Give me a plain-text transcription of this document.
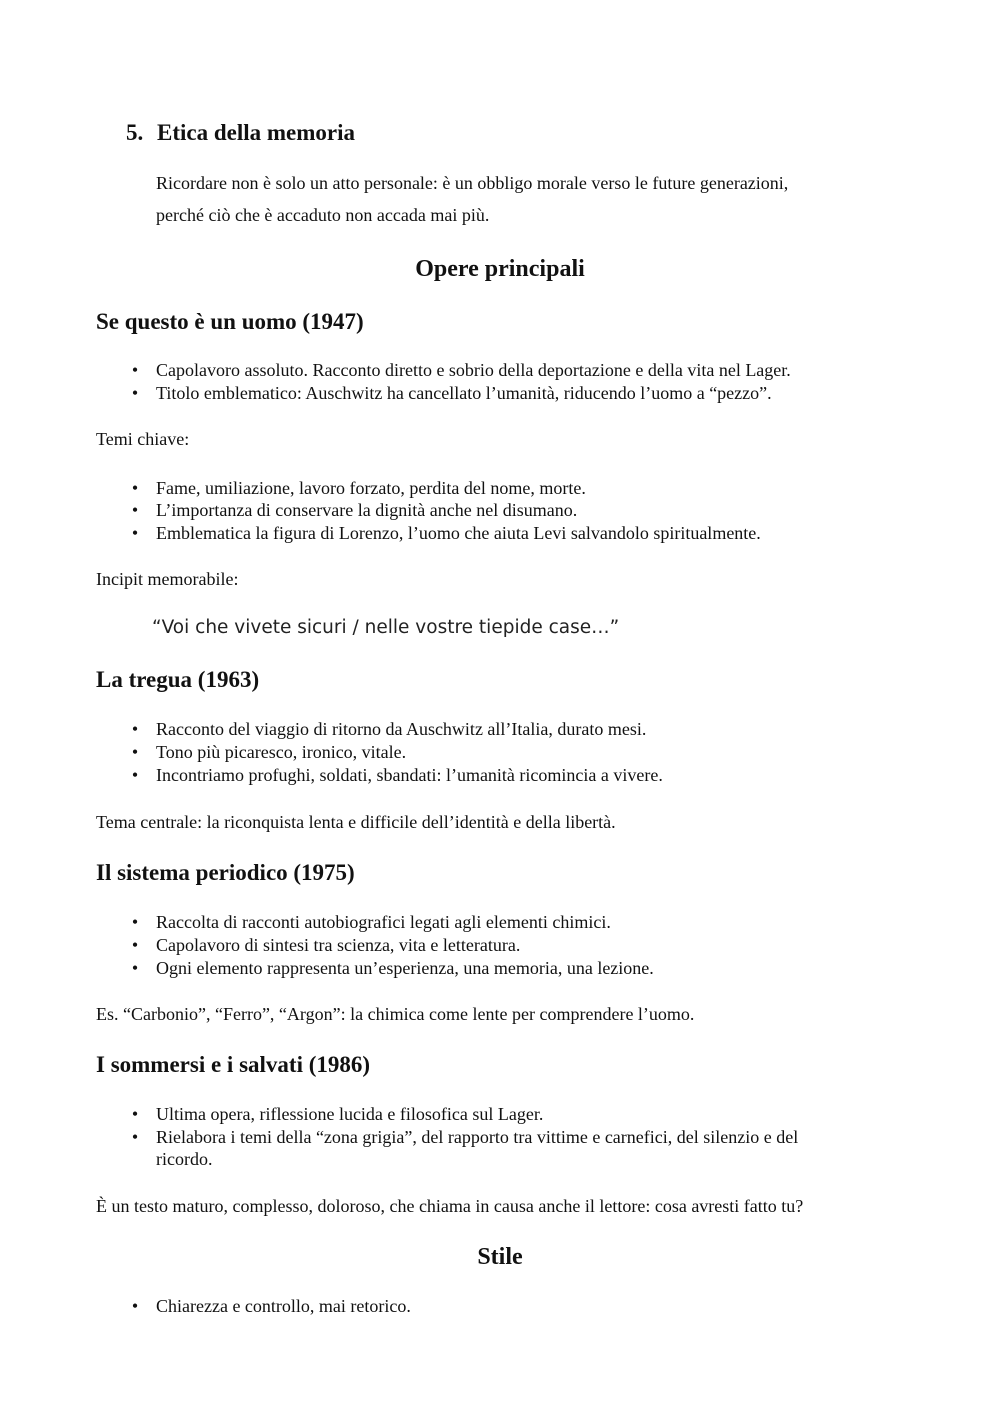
5. Etica della memoria
Ricordare non è solo un atto personale: è un obbligo morale verso le future generazioni,
perché ciò che è accaduto non accada mai più.
Opere principali
Se questo è un uomo (1947)
• Capolavoro assoluto. Racconto diretto e sobrio della deportazione e della vita nel Lager.
• Titolo emblematico: Auschwitz ha cancellato l’umanità, riducendo l’uomo a “pezzo”.
Temi chiave:
• Fame, umiliazione, lavoro forzato, perdita del nome, morte.
• L’importanza di conservare la dignità anche nel disumano.
• Emblematica la figura di Lorenzo, l’uomo che aiuta Levi salvandolo spiritualmente.
Incipit memorabile:
“Voi che vivete sicuri / nelle vostre tiepide case…”
La tregua (1963)
• Racconto del viaggio di ritorno da Auschwitz all’Italia, durato mesi.
• Tono più picaresco, ironico, vitale.
• Incontriamo profughi, soldati, sbandati: l’umanità ricomincia a vivere.
Tema centrale: la riconquista lenta e difficile dell’identità e della libertà.
Il sistema periodico (1975)
• Raccolta di racconti autobiografici legati agli elementi chimici.
• Capolavoro di sintesi tra scienza, vita e letteratura.
• Ogni elemento rappresenta un’esperienza, una memoria, una lezione.
Es. “Carbonio”, “Ferro”, “Argon”: la chimica come lente per comprendere l’uomo.
I sommersi e i salvati (1986)
• Ultima opera, riflessione lucida e filosofica sul Lager.
• Rielabora i temi della “zona grigia”, del rapporto tra vittime e carnefici, del silenzio e del
ricordo.
È un testo maturo, complesso, doloroso, che chiama in causa anche il lettore: cosa avresti fatto tu?
Stile
• Chiarezza e controllo, mai retorico.
